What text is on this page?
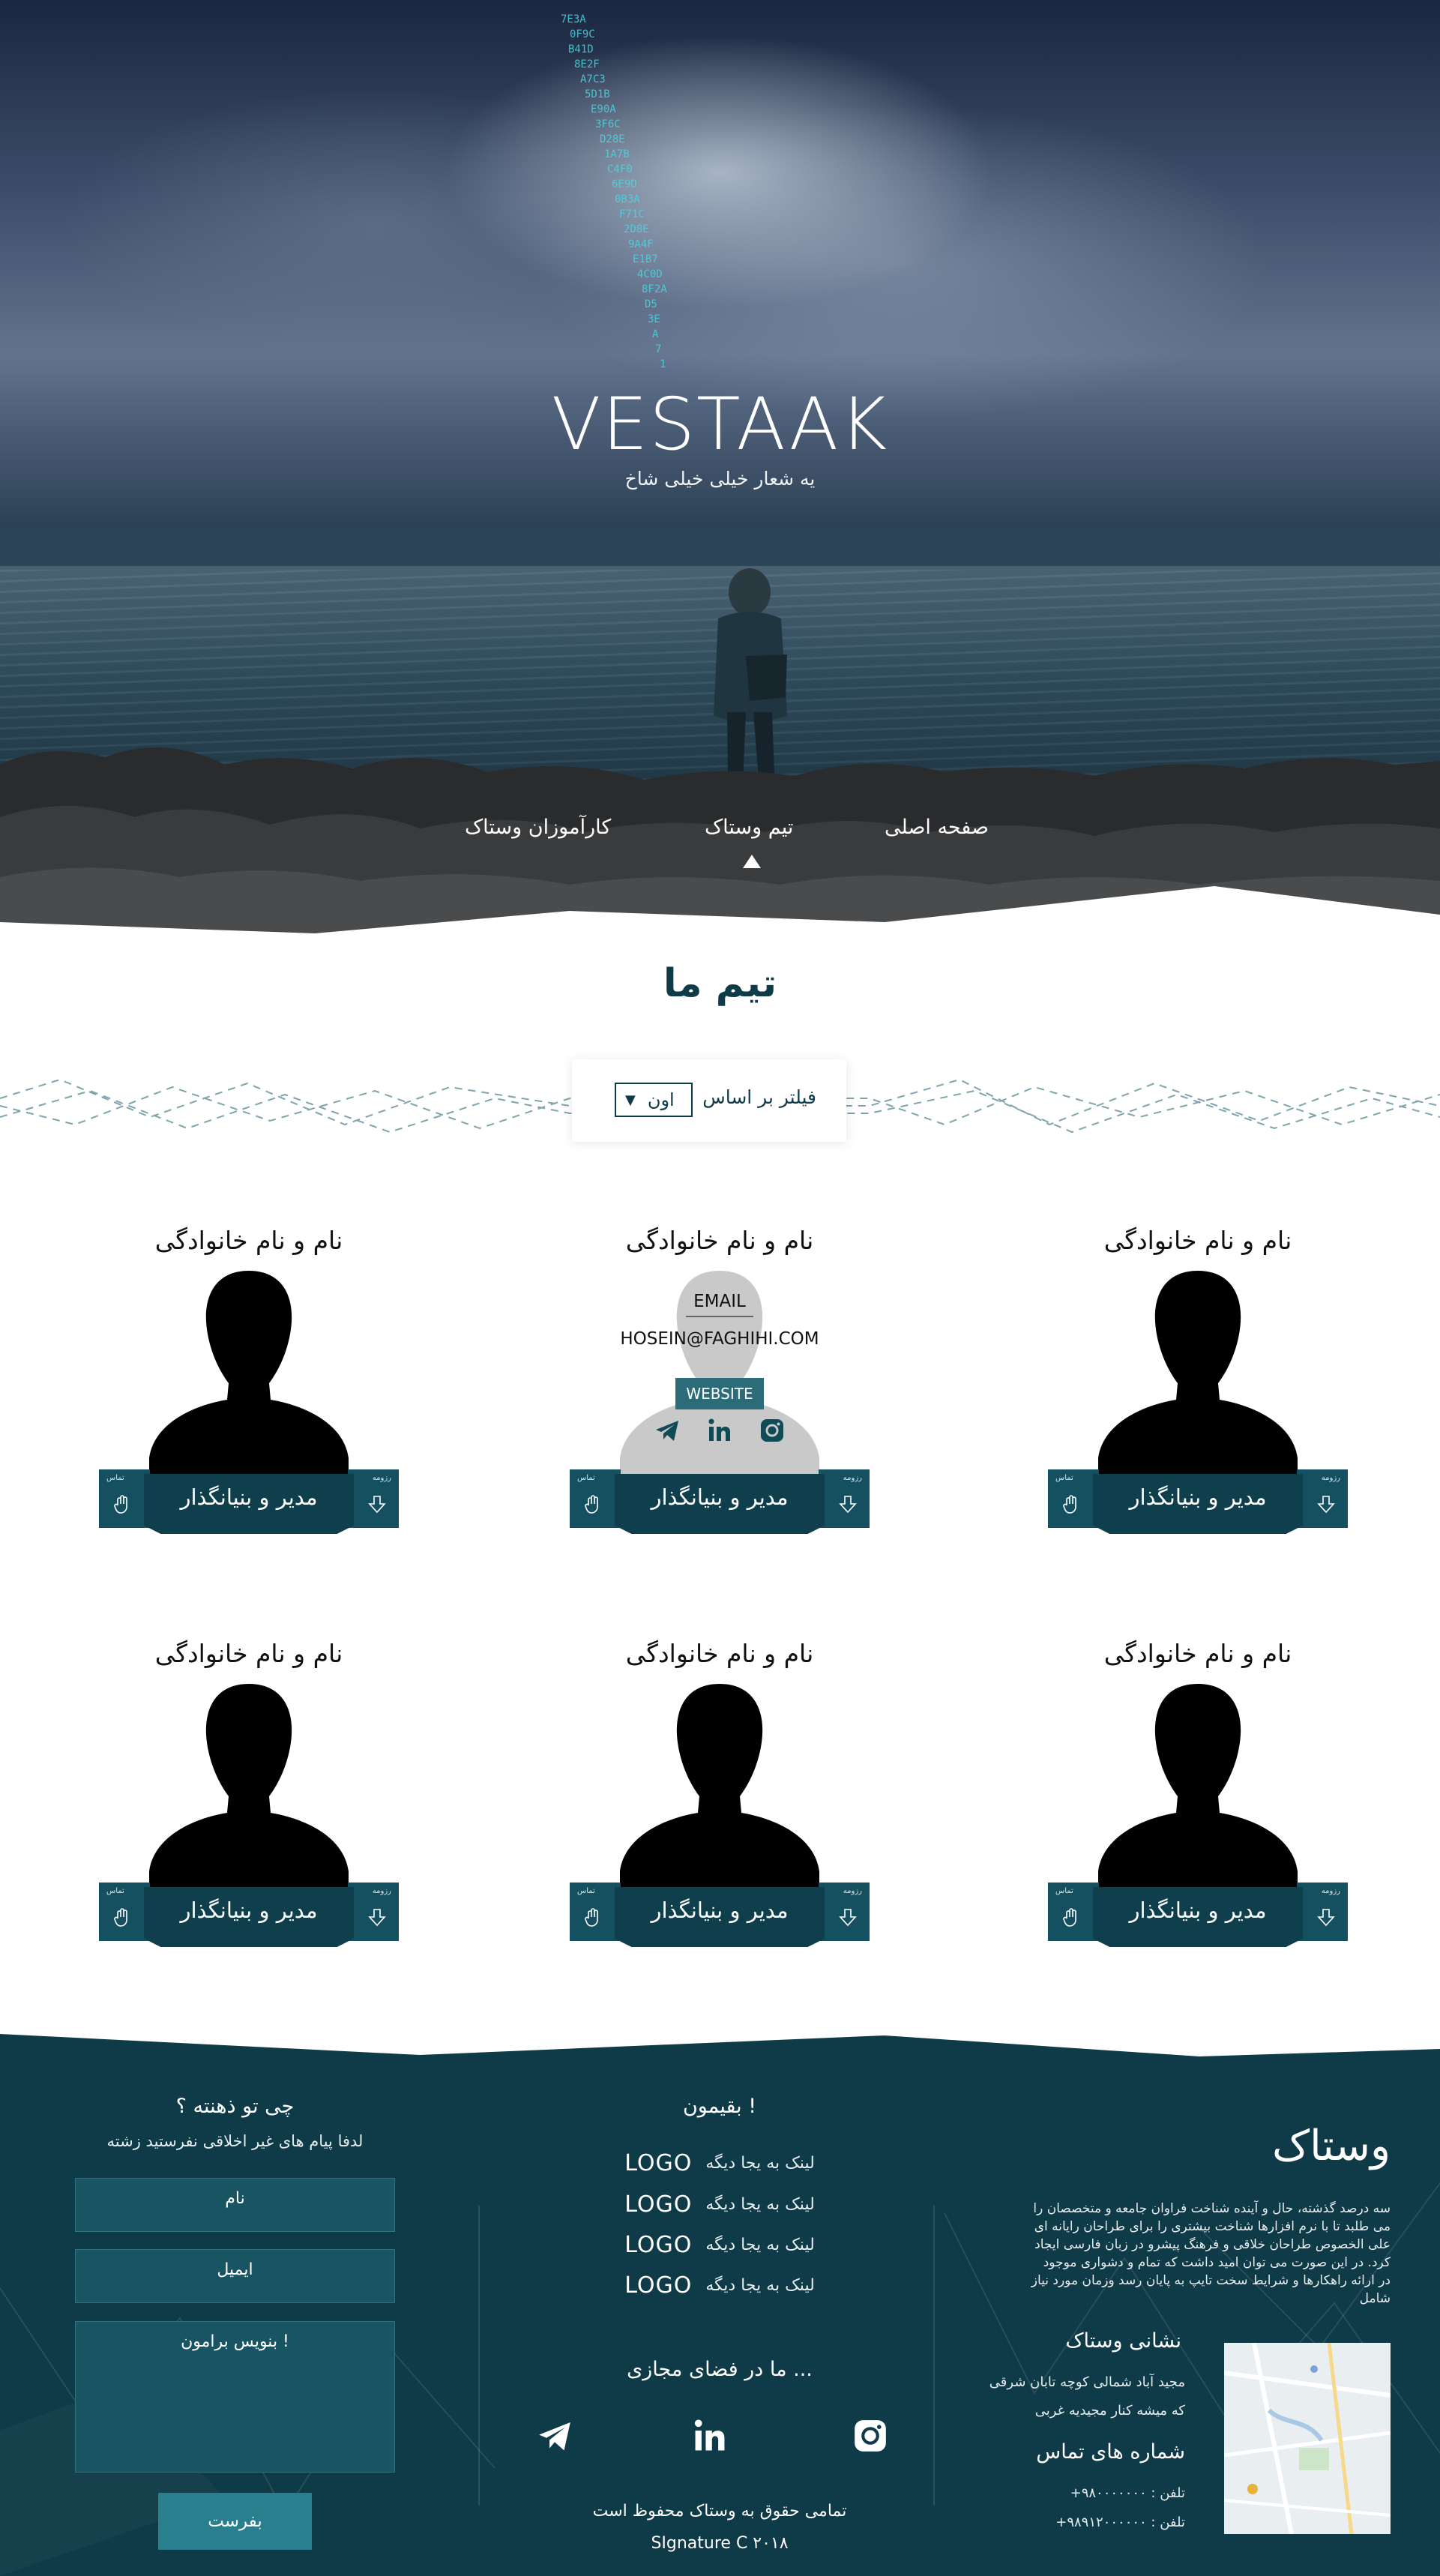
7E3A
0F9C
B41D
8E2F
A7C3
5D1B
E90A
3F6C
D28E
1A7B
C4F0
6E9D
0B3A
F71C
2D8E
9A4F
E1B7
4C0D
8F2A
D5
3E
A
7
1
VESTAAK
یه شعار خیلی خیلی شاخ
صفحه اصلی
تیم وستاک
کارآموزان وستاک
تیم ما
فیلتر بر اساس
▼ اون
نام و نام خانوادگی
مدیر و بنیانگذار
تماس	رزومه
نام و نام خانوادگی
EMAIL
HOSEIN@FAGHIHI.COM
WEBSITE
مدیر و بنیانگذار
تماس	رزومه
نام و نام خانوادگی
مدیر و بنیانگذار
تماس	رزومه
نام و نام خانوادگی
مدیر و بنیانگذار
تماس	رزومه
نام و نام خانوادگی
مدیر و بنیانگذار
تماس	رزومه
نام و نام خانوادگی
مدیر و بنیانگذار
تماس	رزومه
وستاک
سه درصد گذشته، حال و آینده شناخت فراوان جامعه و متخصصان را می طلبد تا با نرم افزارها شناخت بیشتری را برای طراحان رایانه ای علی الخصوص طراحان خلاقی و فرهنگ پیشرو در زبان فارسی ایجاد کرد. در این صورت می توان امید داشت که تمام و دشواری موجود در ارائه راهکارها و شرایط سخت تایپ به پایان رسد وزمان مورد نیاز شامل
نشانی وستاک
مجید آباد شمالی کوچه تابان شرقی
که میشه کنار مجیدیه غربی
شماره های تماس
تلفن : ۹۸۰۰۰۰۰۰۰+
تلفن : ۹۸۹۱۲۰۰۰۰۰۰+
! بقیمون
لینک به یجا دیگه
LOGO
لینک به یجا دیگه
LOGO
لینک به یجا دیگه
LOGO
لینک به یجا دیگه
LOGO
... ما در فضای مجازی
تمامی حقوق به وستاک محفوظ است
SIgnature C ۲۰۱۸
چی تو ذهنته ؟
لدفا پیام های غیر اخلاقی نفرستید زشته
نام
ایمیل
! بنویس برامون
بفرست
